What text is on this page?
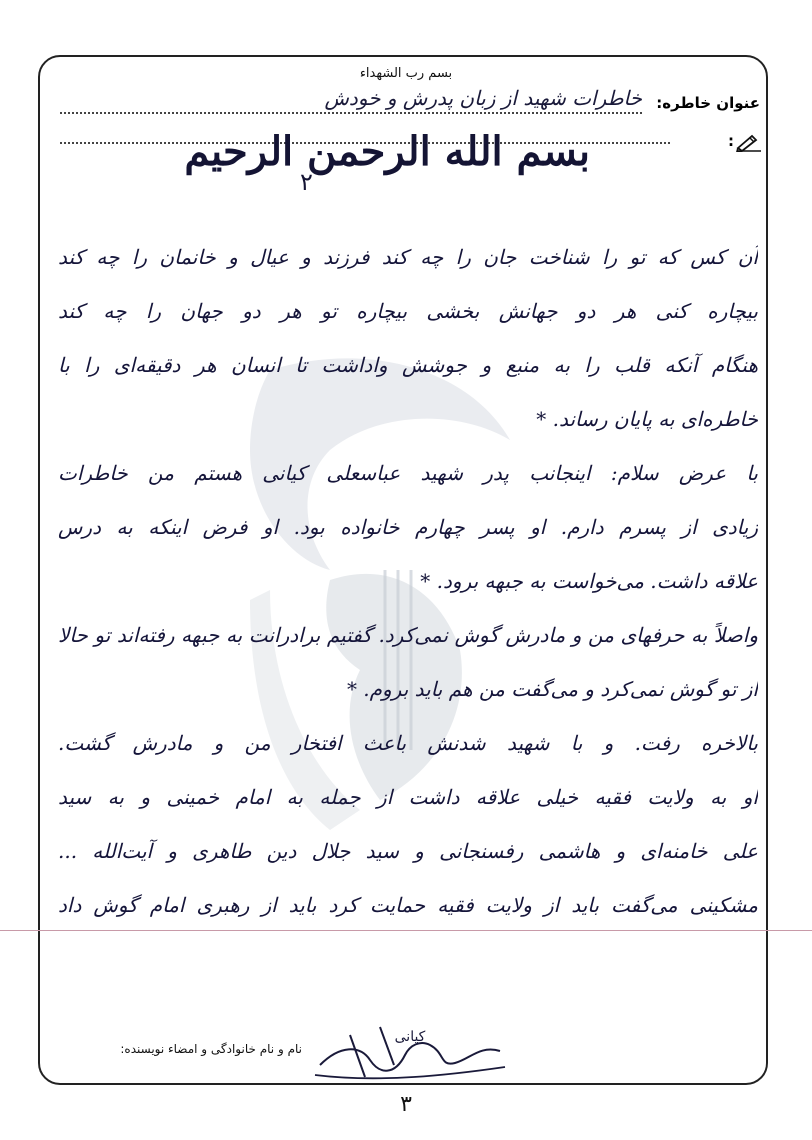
بسم رب الشهداء
عنوان خاطره:
خاطرات شهید از زبان پدرش و خودش
:
بسم الله الرحمن الرحیم
۲
آن کس که تو را شناخت جان را چه کند فرزند و عیال و خانمان را چه کند
بیچاره کنی هر دو جهانش بخشی بیچاره تو هر دو جهان را چه کند
هنگام آنکه قلب را به منبع و جوشش واداشت تا انسان هر دقیقه‌ای را با
خاطره‌ای به پایان رساند. *
با عرض سلام: اینجانب پدر شهید عباسعلی کیانی هستم من خاطرات
زیادی از پسرم دارم. او پسر چهارم خانواده بود. او فرض اینکه به درس
علاقه داشت. می‌خواست به جبهه برود. *
واصلاً به حرفهای من و مادرش گوش نمی‌کرد. گفتیم برادرانت به جبهه رفته‌اند تو حالا
از تو گوش نمی‌کرد و می‌گفت من هم باید بروم. *
بالاخره رفت. و با شهید شدنش باعث افتخار من و مادرش گشت.
او به ولایت فقیه خیلی علاقه داشت از جمله به امام خمینی و به سید
علی خامنه‌ای و هاشمی رفسنجانی و سید جلال دین طاهری و آیت‌الله ...
مشکینی می‌گفت باید از ولایت فقیه حمایت کرد باید از رهبری امام گوش داد
نام و نام خانوادگی و امضاء نویسنده:
کیانی
۳
